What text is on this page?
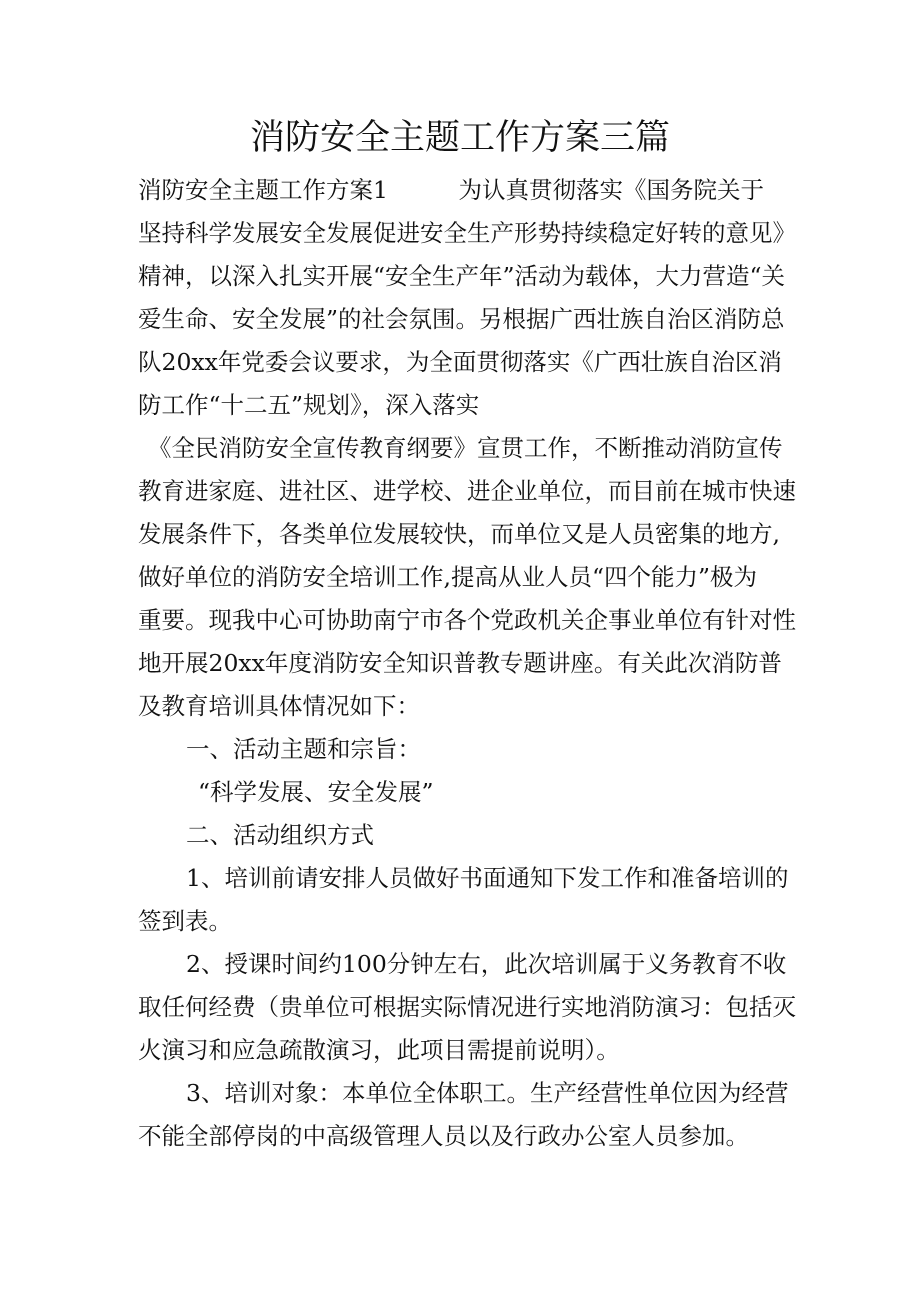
消防安全主题工作方案三篇
消防安全主题工作方案1　　　为认真贯彻落实《国务院关于
坚持科学发展安全发展促进安全生产形势持续稳定好转的意见》
精神，以深入扎实开展“安全生产年”活动为载体，大力营造“关
爱生命、安全发展”的社会氛围。另根据广西壮族自治区消防总
队20xx年党委会议要求，为全面贯彻落实《广西壮族自治区消
防工作“十二五”规划》，深入落实
《全民消防安全宣传教育纲要》宣贯工作，不断推动消防宣传
教育进家庭、进社区、进学校、进企业单位，而目前在城市快速
发展条件下，各类单位发展较快，而单位又是人员密集的地方,
做好单位的消防安全培训工作,提高从业人员“四个能力”极为
重要。现我中心可协助南宁市各个党政机关企事业单位有针对性
地开展20xx年度消防安全知识普教专题讲座。有关此次消防普
及教育培训具体情况如下：
一、活动主题和宗旨：
“科学发展、安全发展”
二、活动组织方式
1、培训前请安排人员做好书面通知下发工作和准备培训的
签到表。
2、授课时间约100分钟左右，此次培训属于义务教育不收
取任何经费（贵单位可根据实际情况进行实地消防演习：包括灭
火演习和应急疏散演习，此项目需提前说明）。
3、培训对象：本单位全体职工。生产经营性单位因为经营
不能全部停岗的中高级管理人员以及行政办公室人员参加。
